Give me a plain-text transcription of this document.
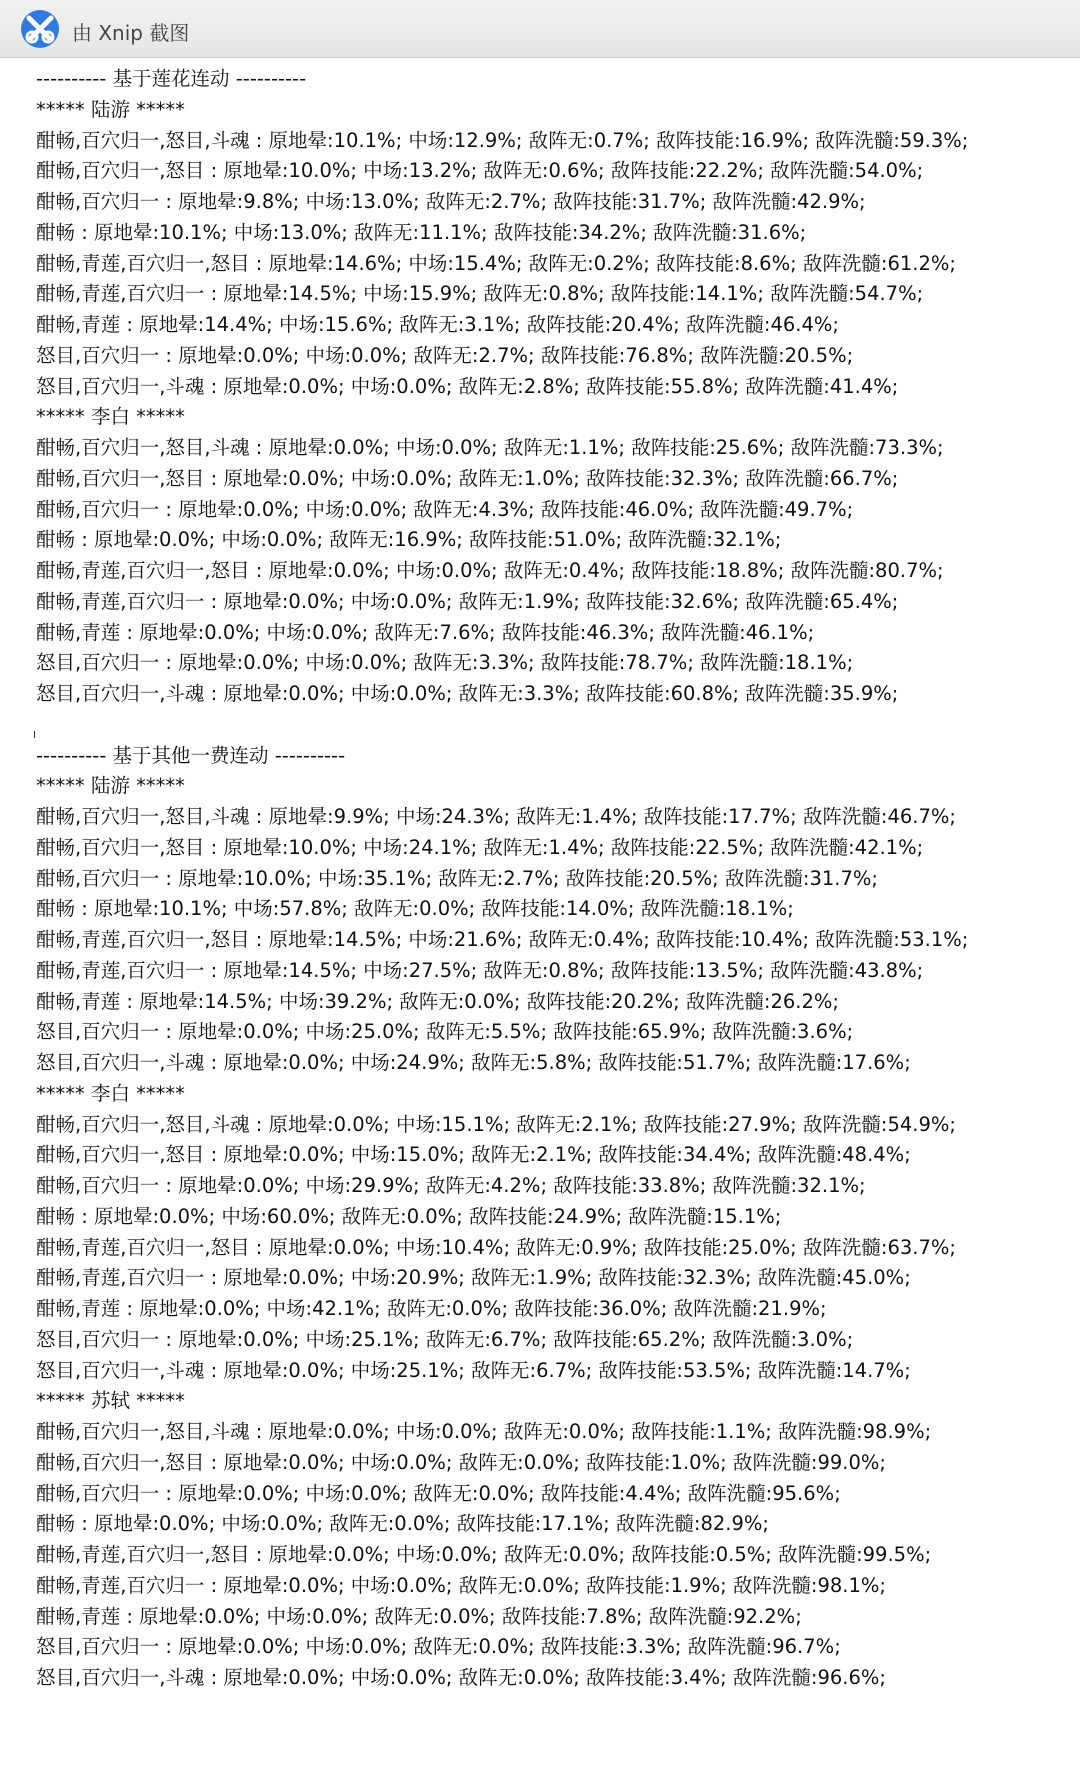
由 Xnip 截图
---------- 基于莲花连动 ----------
***** 陆游 *****
酣畅,百穴归一,怒目,斗魂 : 原地晕:10.1%; 中场:12.9%; 敌阵无:0.7%; 敌阵技能:16.9%; 敌阵洗髓:59.3%;
酣畅,百穴归一,怒目 : 原地晕:10.0%; 中场:13.2%; 敌阵无:0.6%; 敌阵技能:22.2%; 敌阵洗髓:54.0%;
酣畅,百穴归一 : 原地晕:9.8%; 中场:13.0%; 敌阵无:2.7%; 敌阵技能:31.7%; 敌阵洗髓:42.9%;
酣畅 : 原地晕:10.1%; 中场:13.0%; 敌阵无:11.1%; 敌阵技能:34.2%; 敌阵洗髓:31.6%;
酣畅,青莲,百穴归一,怒目 : 原地晕:14.6%; 中场:15.4%; 敌阵无:0.2%; 敌阵技能:8.6%; 敌阵洗髓:61.2%;
酣畅,青莲,百穴归一 : 原地晕:14.5%; 中场:15.9%; 敌阵无:0.8%; 敌阵技能:14.1%; 敌阵洗髓:54.7%;
酣畅,青莲 : 原地晕:14.4%; 中场:15.6%; 敌阵无:3.1%; 敌阵技能:20.4%; 敌阵洗髓:46.4%;
怒目,百穴归一 : 原地晕:0.0%; 中场:0.0%; 敌阵无:2.7%; 敌阵技能:76.8%; 敌阵洗髓:20.5%;
怒目,百穴归一,斗魂 : 原地晕:0.0%; 中场:0.0%; 敌阵无:2.8%; 敌阵技能:55.8%; 敌阵洗髓:41.4%;
***** 李白 *****
酣畅,百穴归一,怒目,斗魂 : 原地晕:0.0%; 中场:0.0%; 敌阵无:1.1%; 敌阵技能:25.6%; 敌阵洗髓:73.3%;
酣畅,百穴归一,怒目 : 原地晕:0.0%; 中场:0.0%; 敌阵无:1.0%; 敌阵技能:32.3%; 敌阵洗髓:66.7%;
酣畅,百穴归一 : 原地晕:0.0%; 中场:0.0%; 敌阵无:4.3%; 敌阵技能:46.0%; 敌阵洗髓:49.7%;
酣畅 : 原地晕:0.0%; 中场:0.0%; 敌阵无:16.9%; 敌阵技能:51.0%; 敌阵洗髓:32.1%;
酣畅,青莲,百穴归一,怒目 : 原地晕:0.0%; 中场:0.0%; 敌阵无:0.4%; 敌阵技能:18.8%; 敌阵洗髓:80.7%;
酣畅,青莲,百穴归一 : 原地晕:0.0%; 中场:0.0%; 敌阵无:1.9%; 敌阵技能:32.6%; 敌阵洗髓:65.4%;
酣畅,青莲 : 原地晕:0.0%; 中场:0.0%; 敌阵无:7.6%; 敌阵技能:46.3%; 敌阵洗髓:46.1%;
怒目,百穴归一 : 原地晕:0.0%; 中场:0.0%; 敌阵无:3.3%; 敌阵技能:78.7%; 敌阵洗髓:18.1%;
怒目,百穴归一,斗魂 : 原地晕:0.0%; 中场:0.0%; 敌阵无:3.3%; 敌阵技能:60.8%; 敌阵洗髓:35.9%;
---------- 基于其他一费连动 ----------
***** 陆游 *****
酣畅,百穴归一,怒目,斗魂 : 原地晕:9.9%; 中场:24.3%; 敌阵无:1.4%; 敌阵技能:17.7%; 敌阵洗髓:46.7%;
酣畅,百穴归一,怒目 : 原地晕:10.0%; 中场:24.1%; 敌阵无:1.4%; 敌阵技能:22.5%; 敌阵洗髓:42.1%;
酣畅,百穴归一 : 原地晕:10.0%; 中场:35.1%; 敌阵无:2.7%; 敌阵技能:20.5%; 敌阵洗髓:31.7%;
酣畅 : 原地晕:10.1%; 中场:57.8%; 敌阵无:0.0%; 敌阵技能:14.0%; 敌阵洗髓:18.1%;
酣畅,青莲,百穴归一,怒目 : 原地晕:14.5%; 中场:21.6%; 敌阵无:0.4%; 敌阵技能:10.4%; 敌阵洗髓:53.1%;
酣畅,青莲,百穴归一 : 原地晕:14.5%; 中场:27.5%; 敌阵无:0.8%; 敌阵技能:13.5%; 敌阵洗髓:43.8%;
酣畅,青莲 : 原地晕:14.5%; 中场:39.2%; 敌阵无:0.0%; 敌阵技能:20.2%; 敌阵洗髓:26.2%;
怒目,百穴归一 : 原地晕:0.0%; 中场:25.0%; 敌阵无:5.5%; 敌阵技能:65.9%; 敌阵洗髓:3.6%;
怒目,百穴归一,斗魂 : 原地晕:0.0%; 中场:24.9%; 敌阵无:5.8%; 敌阵技能:51.7%; 敌阵洗髓:17.6%;
***** 李白 *****
酣畅,百穴归一,怒目,斗魂 : 原地晕:0.0%; 中场:15.1%; 敌阵无:2.1%; 敌阵技能:27.9%; 敌阵洗髓:54.9%;
酣畅,百穴归一,怒目 : 原地晕:0.0%; 中场:15.0%; 敌阵无:2.1%; 敌阵技能:34.4%; 敌阵洗髓:48.4%;
酣畅,百穴归一 : 原地晕:0.0%; 中场:29.9%; 敌阵无:4.2%; 敌阵技能:33.8%; 敌阵洗髓:32.1%;
酣畅 : 原地晕:0.0%; 中场:60.0%; 敌阵无:0.0%; 敌阵技能:24.9%; 敌阵洗髓:15.1%;
酣畅,青莲,百穴归一,怒目 : 原地晕:0.0%; 中场:10.4%; 敌阵无:0.9%; 敌阵技能:25.0%; 敌阵洗髓:63.7%;
酣畅,青莲,百穴归一 : 原地晕:0.0%; 中场:20.9%; 敌阵无:1.9%; 敌阵技能:32.3%; 敌阵洗髓:45.0%;
酣畅,青莲 : 原地晕:0.0%; 中场:42.1%; 敌阵无:0.0%; 敌阵技能:36.0%; 敌阵洗髓:21.9%;
怒目,百穴归一 : 原地晕:0.0%; 中场:25.1%; 敌阵无:6.7%; 敌阵技能:65.2%; 敌阵洗髓:3.0%;
怒目,百穴归一,斗魂 : 原地晕:0.0%; 中场:25.1%; 敌阵无:6.7%; 敌阵技能:53.5%; 敌阵洗髓:14.7%;
***** 苏轼 *****
酣畅,百穴归一,怒目,斗魂 : 原地晕:0.0%; 中场:0.0%; 敌阵无:0.0%; 敌阵技能:1.1%; 敌阵洗髓:98.9%;
酣畅,百穴归一,怒目 : 原地晕:0.0%; 中场:0.0%; 敌阵无:0.0%; 敌阵技能:1.0%; 敌阵洗髓:99.0%;
酣畅,百穴归一 : 原地晕:0.0%; 中场:0.0%; 敌阵无:0.0%; 敌阵技能:4.4%; 敌阵洗髓:95.6%;
酣畅 : 原地晕:0.0%; 中场:0.0%; 敌阵无:0.0%; 敌阵技能:17.1%; 敌阵洗髓:82.9%;
酣畅,青莲,百穴归一,怒目 : 原地晕:0.0%; 中场:0.0%; 敌阵无:0.0%; 敌阵技能:0.5%; 敌阵洗髓:99.5%;
酣畅,青莲,百穴归一 : 原地晕:0.0%; 中场:0.0%; 敌阵无:0.0%; 敌阵技能:1.9%; 敌阵洗髓:98.1%;
酣畅,青莲 : 原地晕:0.0%; 中场:0.0%; 敌阵无:0.0%; 敌阵技能:7.8%; 敌阵洗髓:92.2%;
怒目,百穴归一 : 原地晕:0.0%; 中场:0.0%; 敌阵无:0.0%; 敌阵技能:3.3%; 敌阵洗髓:96.7%;
怒目,百穴归一,斗魂 : 原地晕:0.0%; 中场:0.0%; 敌阵无:0.0%; 敌阵技能:3.4%; 敌阵洗髓:96.6%;
